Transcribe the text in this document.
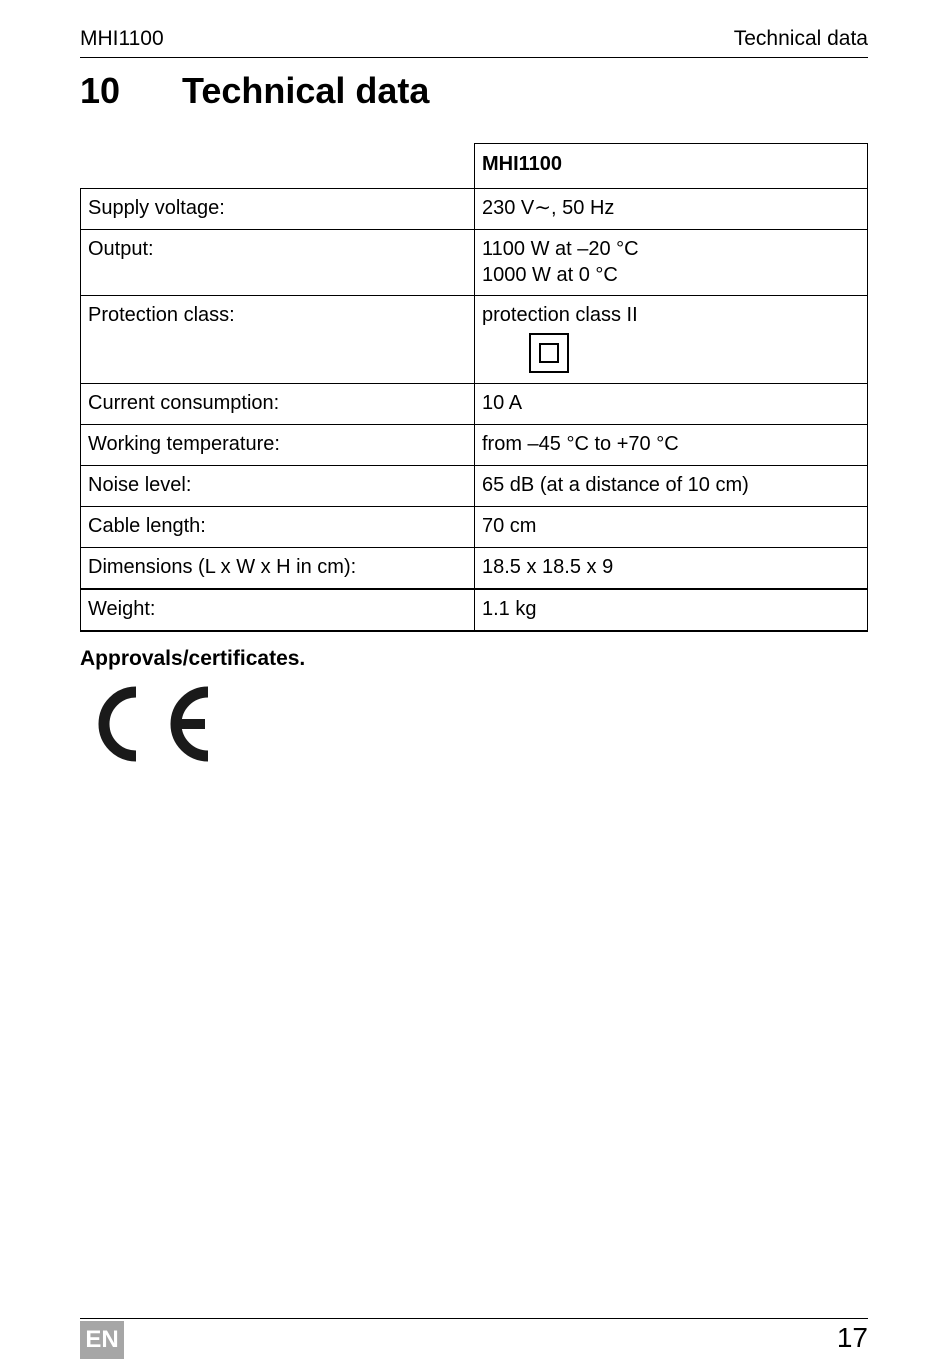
MHI1100	Technical data
10 Technical data
	MHI1100
Supply voltage:	230 V∼, 50 Hz
Output:	1100 W at –20 °C
1000 W at 0 °C

Protection class:	protection class II

Current consumption:	10 A
Working temperature:	from –45 °C to +70 °C
Noise level:	65 dB (at a distance of 10 cm)
Cable length:	70 cm
Dimensions (L x W x H in cm):	18.5 x 18.5 x 9
Weight:	1.1 kg
Approvals/certificates.
EN	17
